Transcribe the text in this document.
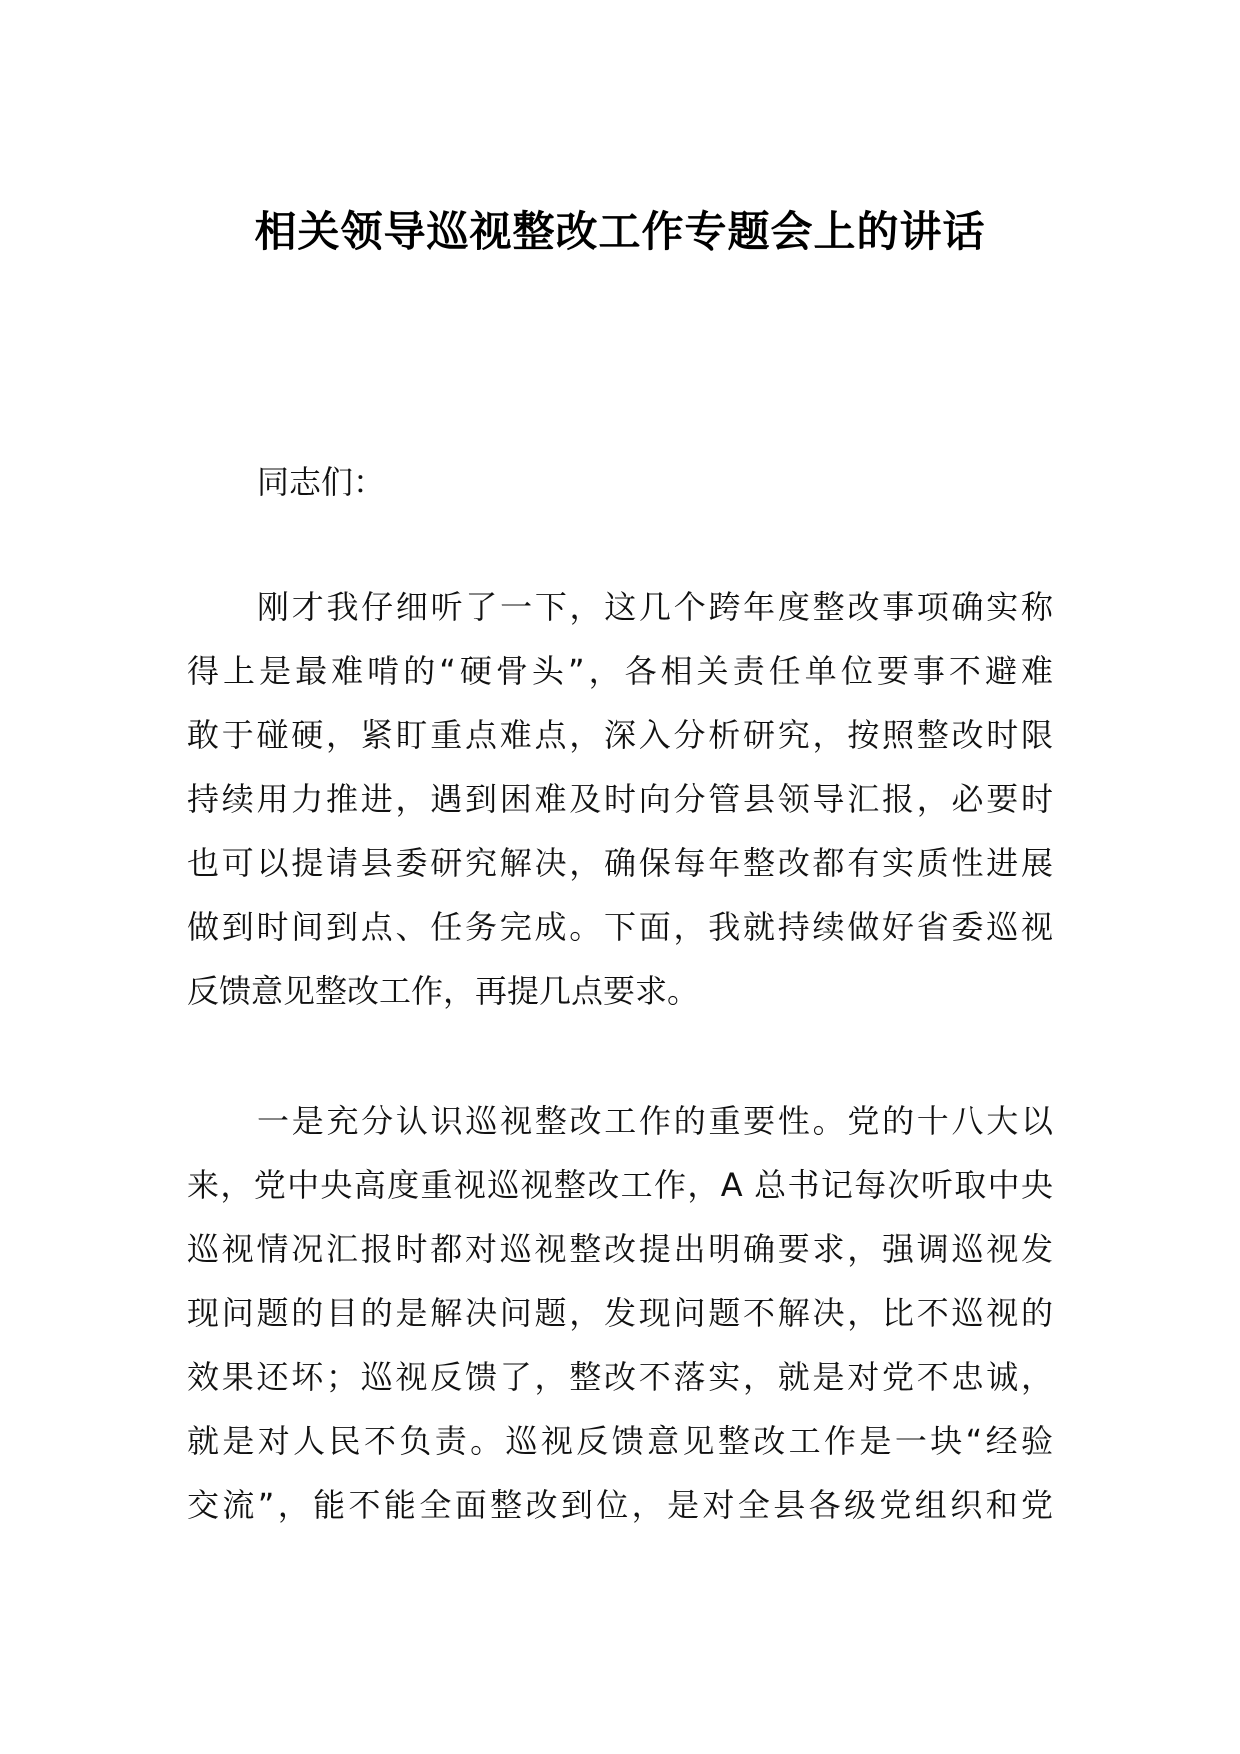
相关领导巡视整改工作专题会上的讲话

同志们：

刚才我仔细听了一下，这几个跨年度整改事项确实称
得上是最难啃的“硬骨头”，各相关责任单位要事不避难
敢于碰硬，紧盯重点难点，深入分析研究，按照整改时限
持续用力推进，遇到困难及时向分管县领导汇报，必要时
也可以提请县委研究解决，确保每年整改都有实质性进展
做到时间到点、任务完成。下面，我就持续做好省委巡视
反馈意见整改工作，再提几点要求。
一是充分认识巡视整改工作的重要性。党的十八大以
来，党中央高度重视巡视整改工作，A 总书记每次听取中央
巡视情况汇报时都对巡视整改提出明确要求，强调巡视发
现问题的目的是解决问题，发现问题不解决，比不巡视的
效果还坏；巡视反馈了，整改不落实，就是对党不忠诚，
就是对人民不负责。巡视反馈意见整改工作是一块“经验
交流”，能不能全面整改到位，是对全县各级党组织和党
